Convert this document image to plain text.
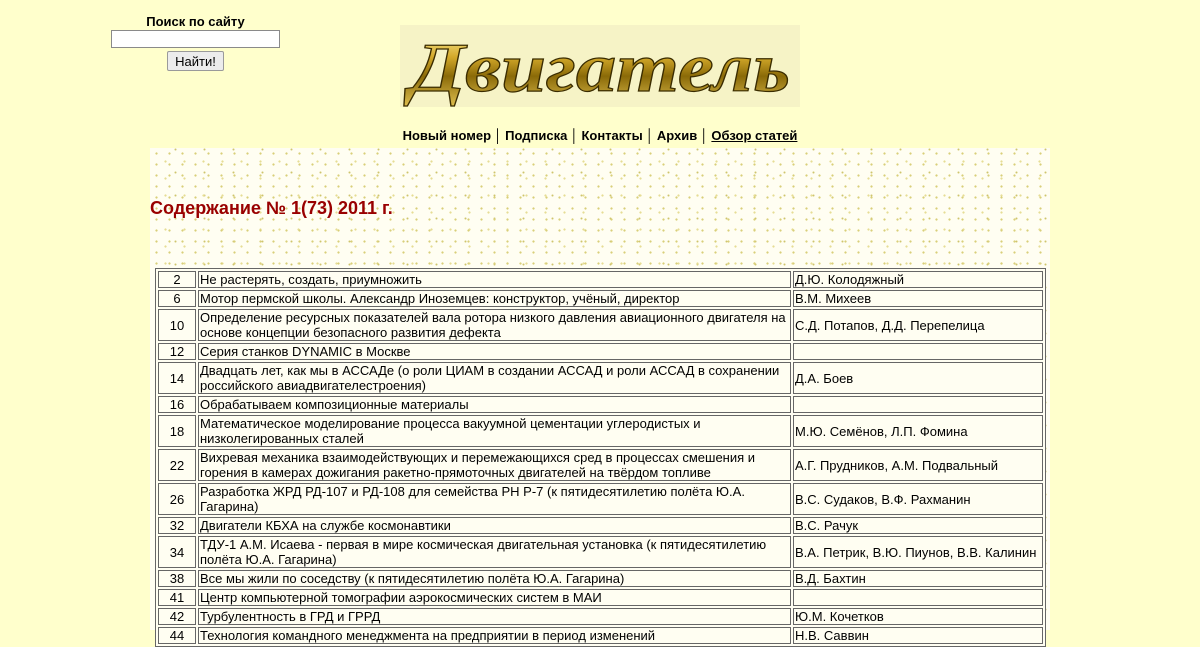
Поиск по сайту
Найти!	Двигатель
Новый номер │ Подписка │ Контакты │ Архив │ Обзор статей
Содержание № 1(73) 2011 г.
2	Не растерять, создать, приумножить	Д.Ю. Колодяжный
6	Мотор пермской школы. Александр Иноземцев: конструктор, учёный, директор	В.М. Михеев
10	Определение ресурсных показателей вала ротора низкого давления авиационного двигателя на основе концепции безопасного развития дефекта	С.Д. Потапов, Д.Д. Перепелица
12	Серия станков DYNAMIC в Москве	
14	Двадцать лет, как мы в АССАДе (о роли ЦИАМ в создании АССАД и роли АССАД в сохранении российского авиадвигателестроения)	Д.А. Боев
16	Обрабатываем композиционные материалы	
18	Математическое моделирование процесса вакуумной цементации углеродистых и низколегированных сталей	М.Ю. Семёнов, Л.П. Фомина
22	Вихревая механика взаимодействующих и перемежающихся сред в процессах смешения и горения в камерах дожигания ракетно-прямоточных двигателей на твёрдом топливе	А.Г. Прудников, А.М. Подвальный
26	Разработка ЖРД РД-107 и РД-108 для семейства РН Р-7 (к пятидесятилетию полёта Ю.А. Гагарина)	В.С. Судаков, В.Ф. Рахманин
32	Двигатели КБХА на службе космонавтики	В.С. Рачук
34	ТДУ-1 А.М. Исаева - первая в мире космическая двигательная установка (к пятидесятилетию полёта Ю.А. Гагарина)	В.А. Петрик, В.Ю. Пиунов, В.В. Калинин
38	Все мы жили по соседству (к пятидесятилетию полёта Ю.А. Гагарина)	В.Д. Бахтин
41	Центр компьютерной томографии аэрокосмических систем в МАИ	
42	Турбулентность в ГРД и ГРРД	Ю.М. Кочетков
44	Технология командного менеджмента на предприятии в период изменений	Н.В. Саввин
